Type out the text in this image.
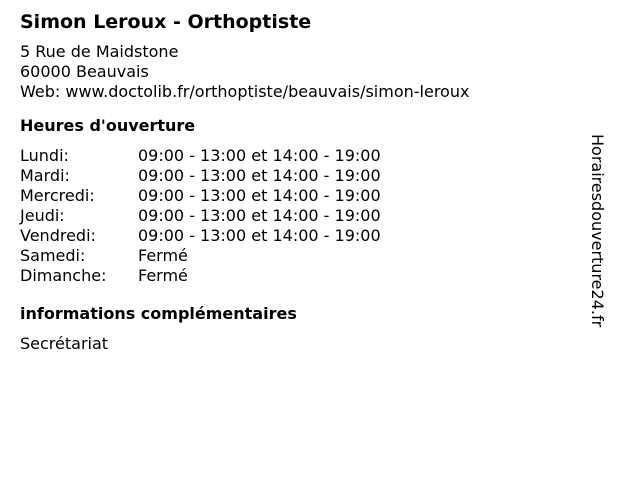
Simon Leroux - Orthoptiste
5 Rue de Maidstone
60000 Beauvais
Web: www.doctolib.fr/orthoptiste/beauvais/simon-leroux
Heures d'ouverture
Lundi:	09:00 - 13:00 et 14:00 - 19:00
Mardi:	09:00 - 13:00 et 14:00 - 19:00
Mercredi:	09:00 - 13:00 et 14:00 - 19:00
Jeudi:	09:00 - 13:00 et 14:00 - 19:00
Vendredi:	09:00 - 13:00 et 14:00 - 19:00
Samedi:	Fermé
Dimanche:	Fermé
informations complémentaires
Secrétariat
Horairesdouverture24.fr
